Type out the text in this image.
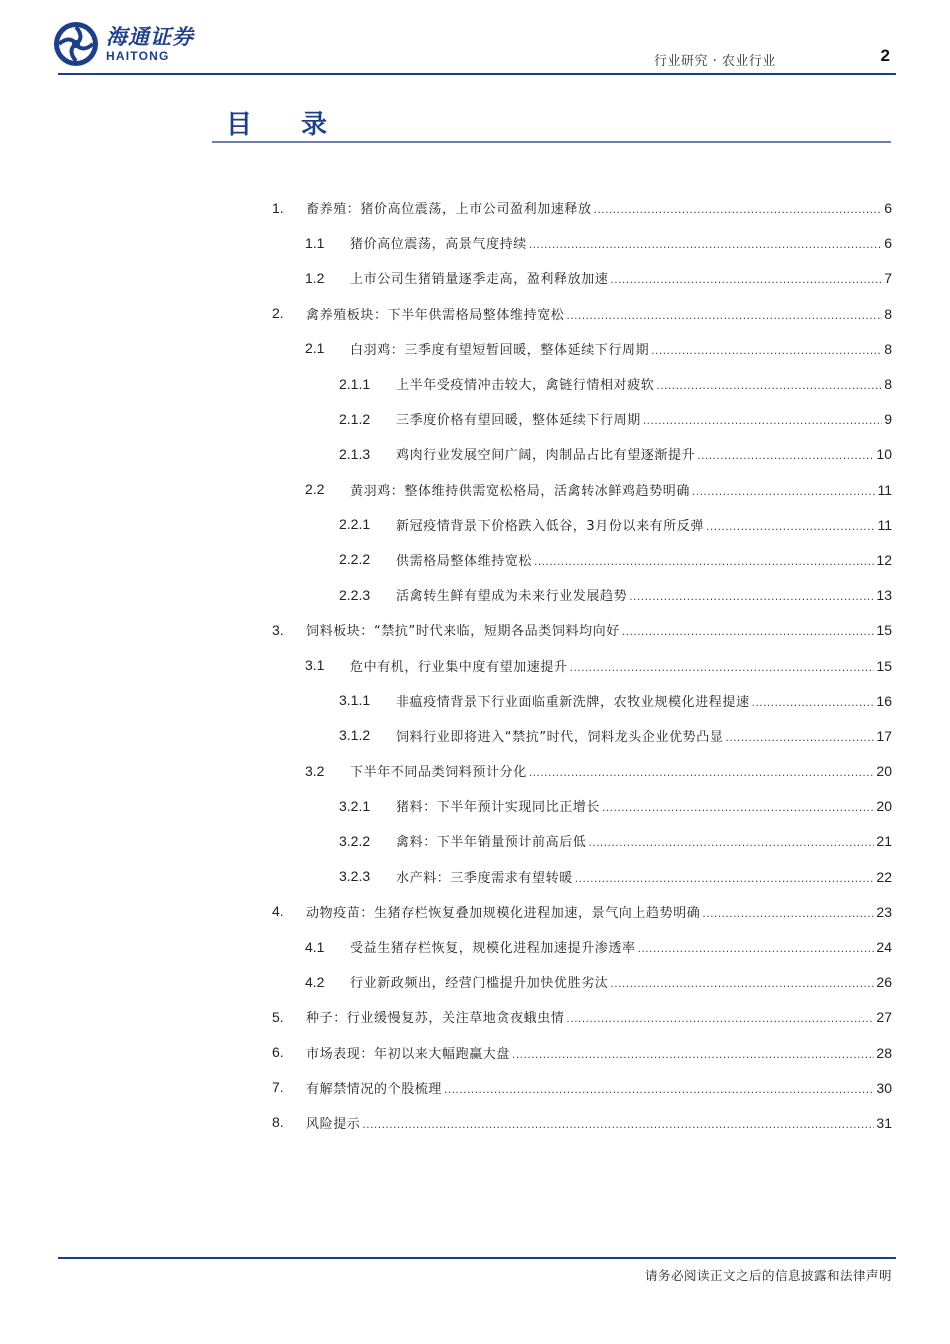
海通证券
HAITONG	行业研究 · 农业行业	2
目 录
1. 畜养殖：猪价高位震荡，上市公司盈利加速释放 .....	6
1.1 猪价高位震荡，高景气度持续 .....	6
1.2 上市公司生猪销量逐季走高，盈利释放加速 .....	7
2. 禽养殖板块：下半年供需格局整体维持宽松 .....	8
2.1 白羽鸡：三季度有望短暂回暖，整体延续下行周期 .....	8
2.1.1 上半年受疫情冲击较大，禽链行情相对疲软 .....	8
2.1.2 三季度价格有望回暖，整体延续下行周期 .....	9
2.1.3 鸡肉行业发展空间广阔，肉制品占比有望逐渐提升 .....	10
2.2 黄羽鸡：整体维持供需宽松格局，活禽转冰鲜鸡趋势明确 .....	11
2.2.1 新冠疫情背景下价格跌入低谷，3月份以来有所反弹 .....	11
2.2.2 供需格局整体维持宽松 .....	12
2.2.3 活禽转生鲜有望成为未来行业发展趋势 .....	13
3. 饲料板块：“禁抗”时代来临，短期各品类饲料均向好 .....	15
3.1 危中有机，行业集中度有望加速提升 .....	15
3.1.1 非瘟疫情背景下行业面临重新洗牌，农牧业规模化进程提速 .....	16
3.1.2 饲料行业即将进入“禁抗”时代，饲料龙头企业优势凸显 .....	17
3.2 下半年不同品类饲料预计分化 .....	20
3.2.1 猪料：下半年预计实现同比正增长 .....	20
3.2.2 禽料：下半年销量预计前高后低 .....	21
3.2.3 水产料：三季度需求有望转暖 .....	22
4. 动物疫苗：生猪存栏恢复叠加规模化进程加速，景气向上趋势明确 .....	23
4.1 受益生猪存栏恢复，规模化进程加速提升渗透率 .....	24
4.2 行业新政频出，经营门槛提升加快优胜劣汰 .....	26
5. 种子：行业缓慢复苏，关注草地贪夜蛾虫情 .....	27
6. 市场表现：年初以来大幅跑赢大盘 .....	28
7. 有解禁情况的个股梳理 .....	30
8. 风险提示 .....	31
请务必阅读正文之后的信息披露和法律声明
